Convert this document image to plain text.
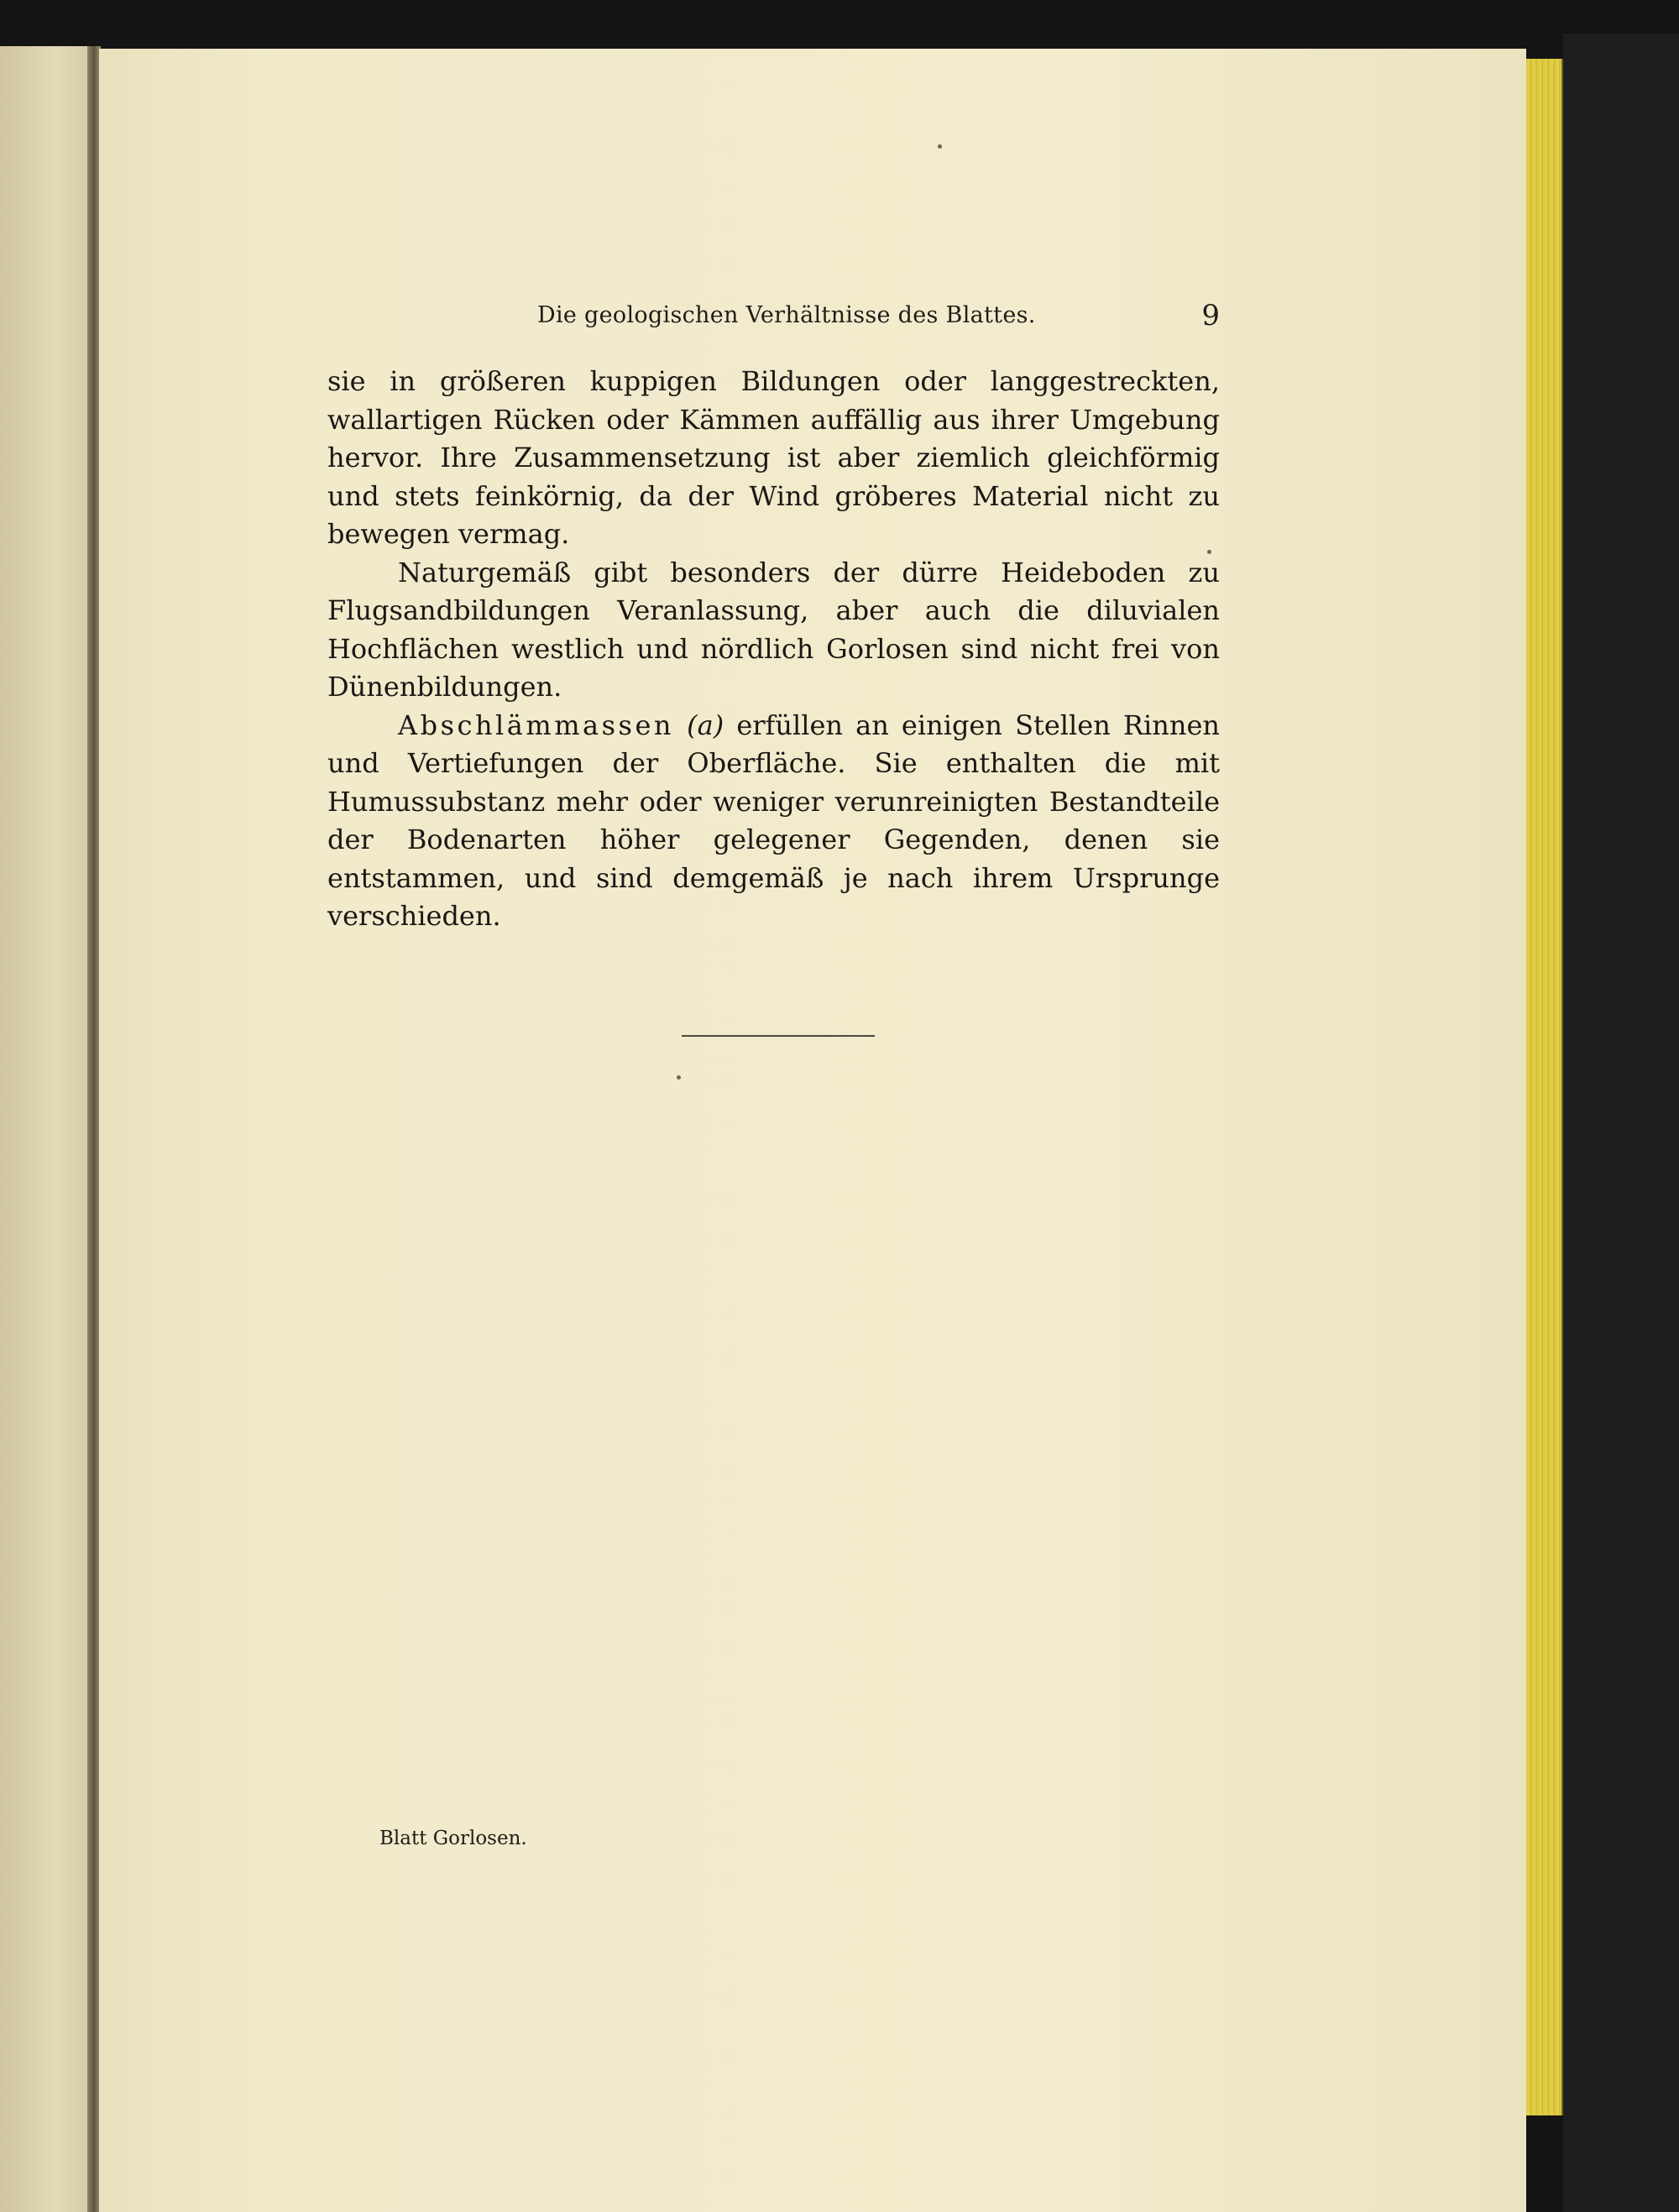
Die geologischen Verhältnisse des Blattes.	9

sie in größeren kuppigen Bildungen oder langgestreckten, wallartigen Rücken oder Kämmen auffällig aus ihrer Umgebung hervor. Ihre Zusammensetzung ist aber ziemlich gleichförmig und stets feinkörnig, da der Wind gröberes Material nicht zu bewegen vermag.

Naturgemäß gibt besonders der dürre Heideboden zu Flugsandbildungen Veranlassung, aber auch die diluvialen Hochflächen westlich und nördlich Gorlosen sind nicht frei von Dünenbildungen.

Abschlämmassen (a) erfüllen an einigen Stellen Rinnen und Vertiefungen der Oberfläche. Sie enthalten die mit Humussubstanz mehr oder weniger verunreinigten Bestandteile der Bodenarten höher gelegener Gegenden, denen sie entstammen, und sind demgemäß je nach ihrem Ursprunge verschieden.

Blatt Gorlosen.
